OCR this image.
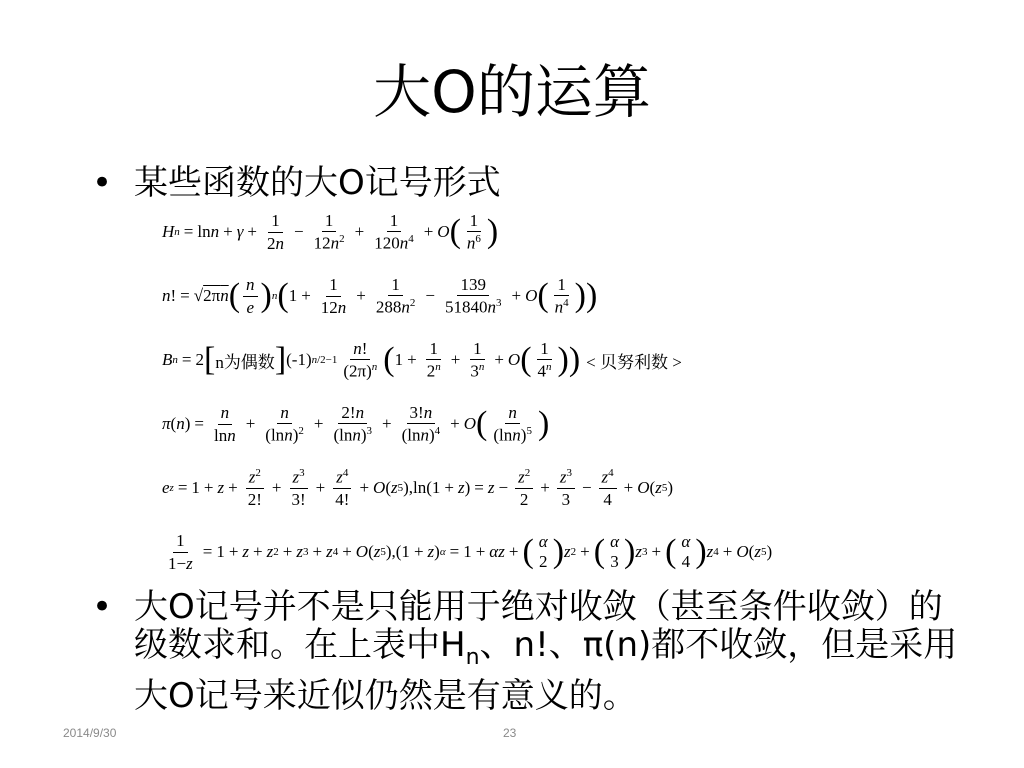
大O的运算
• 某些函数的大O记号形式
H $n = \ln n + \gamma + \frac{1}{2n} - \frac{1}{12n^2} + \frac{1}{120n^4} + O$ ( $\frac{1}{n^6}$ )
n ! = √ 2πn ( $\frac{n}{e}$ ) n ( $1 + \frac{1}{12n} + \frac{1}{288n^2} - \frac{139}{51840n^3} + O$ ( $\frac{1}{n^4}$ ))
B n = 2 [ n为偶数 ] (-1) $n/2-1 \frac{n!}{(2\pi)^n}$ ( $1 + \frac{1}{2^n} + \frac{1}{3^n} + O$ ( $\frac{1}{4^n}$ )) < 贝努利数 >
π ( n ) = $\frac{n}{\ln n} + \frac{n}{(\ln n)^2} + \frac{2!n}{(\ln n)^3} + \frac{3!n}{(\ln n)^4} + O$ ( $\frac{n}{(\ln n)^5}$ )
e $z = 1 + z + \frac{z^2}{2!} + \frac{z^3}{3!} + \frac{z^4}{4!} + O$ ( z 5 ),ln(1 + z ) = $z - \frac{z^2}{2} + \frac{z^3}{3} - \frac{z^4}{4} + O$ ( z 5 )
$\frac{1}{1-z} = 1 + z + z$ 2 + z 3 + z 4 + O ( z 5 ),(1 + z ) α = 1 + αz + ( α
2 ) z 2 + ( α
3 ) z 3 + ( α
4 ) z 4 + O ( z 5 )
• 大O记号并不是只能用于绝对收敛（甚至条件收敛）的级数求和。在上表中$H_n$、n!、π(n)都不收敛，但是采用大O记号来近似仍然是有意义的。
2014/9/30	23
